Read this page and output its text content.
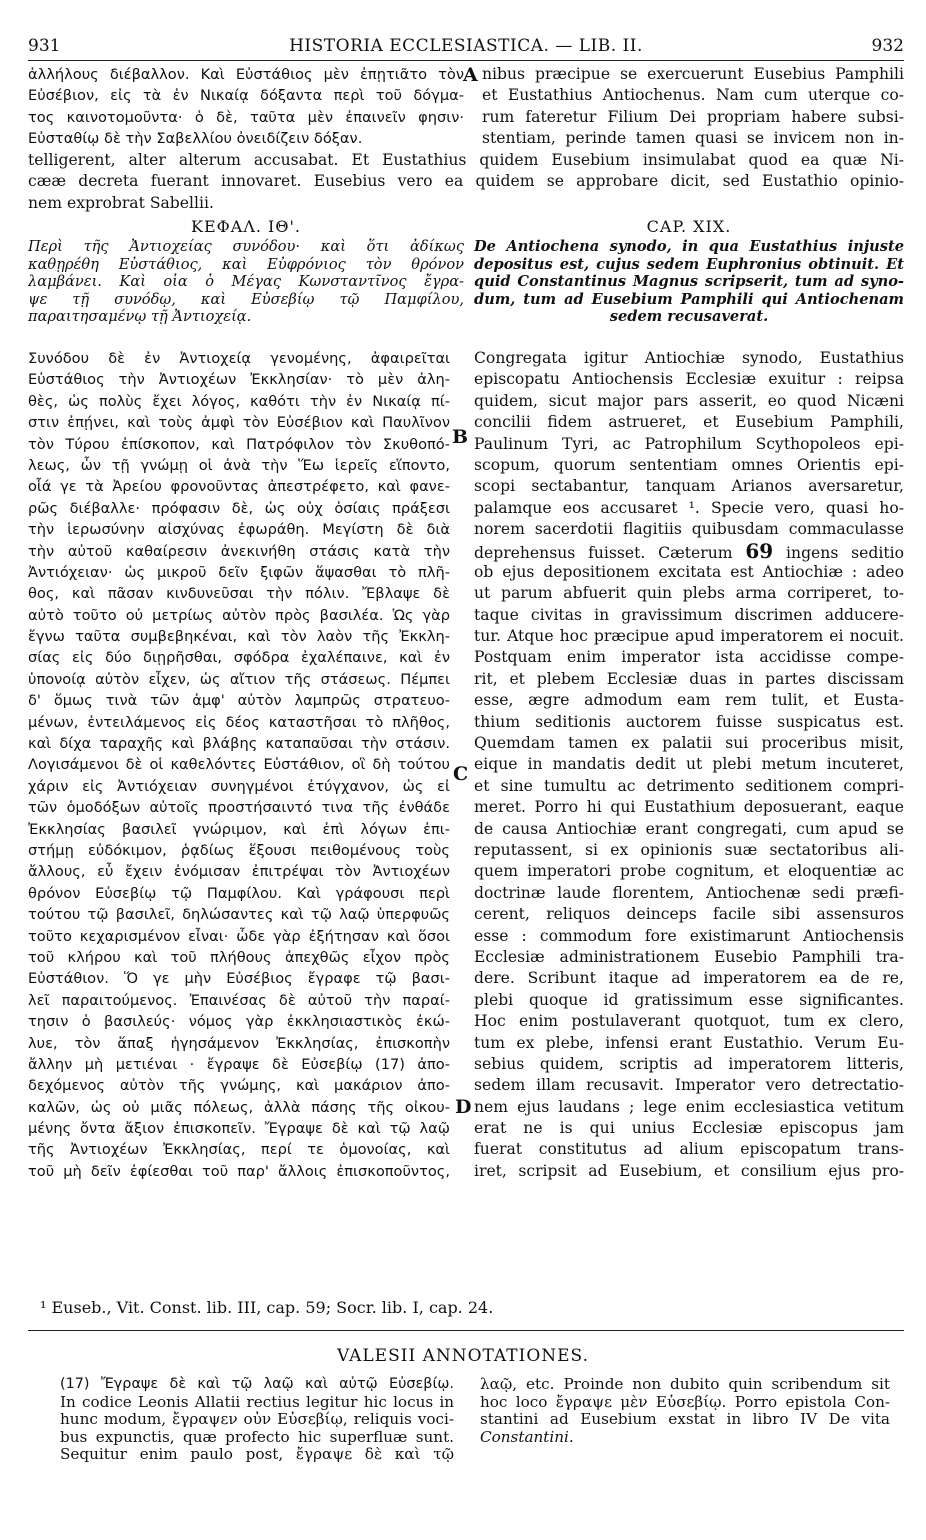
931	HISTORIA ECCLESIASTICA. — LIB. II.	932
ἀλλήλους διέβαλλον. Καὶ Εὐστάθιος μὲν ἐπῃτιᾶτο τὸν
Εὐσέβιον, εἰς τὰ ἐν Νικαίᾳ δόξαντα περὶ τοῦ δόγμα-
τος καινοτομοῦντα· ὁ δὲ, ταῦτα μὲν ἐπαινεῖν φησιν·
Εὐσταθίῳ δὲ τὴν Σαβελλίου ὀνειδίζειν δόξαν.
A nibus præcipue se exercuerunt Eusebius Pamphili
et Eustathius Antiochenus. Nam cum uterque co-
rum fateretur Filium Dei propriam habere subsi-
stentiam, perinde tamen quasi se invicem non in-
telligerent, alter alterum accusabat. Et Eustathius quidem Eusebium insimulabat quod ea quæ Ni-
cææ decreta fuerant innovaret. Eusebius vero ea quidem se approbare dicit, sed Eustathio opinio-
nem exprobrat Sabellii.
ΚΕΦΑΛ. ΙΘ'.
Περὶ τῆς Ἀντιοχείας συνόδου· καὶ ὅτι ἀδίκως
καθῃρέθη Εὐστάθιος, καὶ Εὐφρόνιος τὸν θρόνον
λαμβάνει. Καὶ οἷα ὁ Μέγας Κωνσταντῖνος ἔγρα-
ψε τῇ συνόδῳ, καὶ Εὐσεβίῳ τῷ Παμφίλου,
παραιτησαμένῳ τῇ Ἀντιοχείᾳ.
CAP. XIX.
De Antiochena synodo, in qua Eustathius injuste
depositus est, cujus sedem Euphronius obtinuit. Et
quid Constantinus Magnus scripserit, tum ad syno-
dum, tum ad Eusebium Pamphili qui Antiochenam
sedem recusaverat.
B
C
D
Συνόδου δὲ ἐν Ἀντιοχείᾳ γενομένης, ἀφαιρεῖται
Εὐστάθιος τὴν Ἀντιοχέων Ἐκκλησίαν· τὸ μὲν ἀλη-
θὲς, ὡς πολὺς ἔχει λόγος, καθότι τὴν ἐν Νικαίᾳ πί-
στιν ἐπῄνει, καὶ τοὺς ἀμφὶ τὸν Εὐσέβιον καὶ Παυλῖνον
τὸν Τύρου ἐπίσκοπον, καὶ Πατρόφιλον τὸν Σκυθοπό-
λεως, ὧν τῇ γνώμῃ οἱ ἀνὰ τὴν Ἕω ἱερεῖς εἵποντο,
οἷά γε τὰ Ἀρείου φρονοῦντας ἀπεστρέφετο, καὶ φανε-
ρῶς διέβαλλε· πρόφασιν δὲ, ὡς οὐχ ὁσίαις πράξεσι
τὴν ἱερωσύνην αἰσχύνας ἐφωράθη. Μεγίστη δὲ διὰ
τὴν αὐτοῦ καθαίρεσιν ἀνεκινήθη στάσις κατὰ τὴν
Ἀντιόχειαν· ὡς μικροῦ δεῖν ξιφῶν ἅψασθαι τὸ πλῆ-
θος, καὶ πᾶσαν κινδυνεῦσαι τὴν πόλιν. Ἔβλαψε δὲ
αὐτὸ τοῦτο οὐ μετρίως αὐτὸν πρὸς βασιλέα. Ὡς γὰρ
ἔγνω ταῦτα συμβεβηκέναι, καὶ τὸν λαὸν τῆς Ἐκκλη-
σίας εἰς δύο διῃρῆσθαι, σφόδρα ἐχαλέπαινε, καὶ ἐν
ὑπονοίᾳ αὐτὸν εἶχεν, ὡς αἴτιον τῆς στάσεως. Πέμπει
δ' ὅμως τινὰ τῶν ἀμφ' αὐτὸν λαμπρῶς στρατευο-
μένων, ἐντειλάμενος εἰς δέος καταστῆσαι τὸ πλῆθος,
καὶ δίχα ταραχῆς καὶ βλάβης καταπαῦσαι τὴν στάσιν.
Λογισάμενοι δὲ οἱ καθελόντες Εὐστάθιον, οἳ δὴ τούτου
χάριν εἰς Ἀντιόχειαν συνηγμένοι ἐτύγχανον, ὡς εἰ
τῶν ὁμοδόξων αὐτοῖς προστήσαιντό τινα τῆς ἐνθάδε
Ἐκκλησίας βασιλεῖ γνώριμον, καὶ ἐπὶ λόγων ἐπι-
στήμῃ εὐδόκιμον, ῥᾳδίως ἕξουσι πειθομένους τοὺς
ἄλλους, εὖ ἔχειν ἐνόμισαν ἐπιτρέψαι τὸν Ἀντιοχέων
θρόνον Εὐσεβίῳ τῷ Παμφίλου. Καὶ γράφουσι περὶ
τούτου τῷ βασιλεῖ, δηλώσαντες καὶ τῷ λαῷ ὑπερφυῶς
τοῦτο κεχαρισμένον εἶναι· ὧδε γὰρ ἐξήτησαν καὶ ὅσοι
τοῦ κλήρου καὶ τοῦ πλήθους ἀπεχθῶς εἶχον πρὸς
Εὐστάθιον. Ὅ γε μὴν Εὐσέβιος ἔγραφε τῷ βασι-
λεῖ παραιτούμενος. Ἐπαινέσας δὲ αὐτοῦ τὴν παραί-
τησιν ὁ βασιλεύς· νόμος γὰρ ἐκκλησιαστικὸς ἐκώ-
λυε, τὸν ἅπαξ ἡγησάμενον Ἐκκλησίας, ἐπισκοπὴν
ἄλλην μὴ μετιέναι · ἔγραψε δὲ Εὐσεβίῳ (17) ἀπο-
δεχόμενος αὐτὸν τῆς γνώμης, καὶ μακάριον ἀπο-
καλῶν, ὡς οὐ μιᾶς πόλεως, ἀλλὰ πάσης τῆς οἰκου-
μένης ὄντα ἄξιον ἐπισκοπεῖν. Ἔγραψε δὲ καὶ τῷ λαῷ
τῆς Ἀντιοχέων Ἐκκλησίας, περί τε ὁμονοίας, καὶ
τοῦ μὴ δεῖν ἐφίεσθαι τοῦ παρ' ἄλλοις ἐπισκοποῦντος,
Congregata igitur Antiochiæ synodo, Eustathius
episcopatu Antiochensis Ecclesiæ exuitur : reipsa
quidem, sicut major pars asserit, eo quod Nicæni
concilii fidem astrueret, et Eusebium Pamphili,
Paulinum Tyri, ac Patrophilum Scythopoleos epi-
scopum, quorum sententiam omnes Orientis epi-
scopi sectabantur, tanquam Arianos aversaretur,
palamque eos accusaret ¹. Specie vero, quasi ho-
norem sacerdotii flagitiis quibusdam commaculasse
deprehensus fuisset. Cæterum 69 ingens seditio
ob ejus depositionem excitata est Antiochiæ : adeo
ut parum abfuerit quin plebs arma corriperet, to-
taque civitas in gravissimum discrimen adducere-
tur. Atque hoc præcipue apud imperatorem ei nocuit.
Postquam enim imperator ista accidisse compe-
rit, et plebem Ecclesiæ duas in partes discissam
esse, ægre admodum eam rem tulit, et Eusta-
thium seditionis auctorem fuisse suspicatus est.
Quemdam tamen ex palatii sui proceribus misit,
eique in mandatis dedit ut plebi metum incuteret,
et sine tumultu ac detrimento seditionem compri-
meret. Porro hi qui Eustathium deposuerant, eaque
de causa Antiochiæ erant congregati, cum apud se
reputassent, si ex opinionis suæ sectatoribus ali-
quem imperatori probe cognitum, et eloquentiæ ac
doctrinæ laude florentem, Antiochenæ sedi præfi-
cerent, reliquos deinceps facile sibi assensuros
esse : commodum fore existimarunt Antiochensis
Ecclesiæ administrationem Eusebio Pamphili tra-
dere. Scribunt itaque ad imperatorem ea de re,
plebi quoque id gratissimum esse significantes.
Hoc enim postulaverant quotquot, tum ex clero,
tum ex plebe, infensi erant Eustathio. Verum Eu-
sebius quidem, scriptis ad imperatorem litteris,
sedem illam recusavit. Imperator vero detrectatio-
nem ejus laudans ; lege enim ecclesiastica vetitum
erat ne is qui unius Ecclesiæ episcopus jam
fuerat constitutus ad alium episcopatum trans-
iret, scripsit ad Eusebium, et consilium ejus pro-
¹ Euseb., Vit. Const. lib. III, cap. 59; Socr. lib. I, cap. 24.
VALESII ANNOTATIONES.
(17) Ἔγραψε δὲ καὶ τῷ λαῷ καὶ αὐτῷ Εὐσεβίῳ.
In codice Leonis Allatii rectius legitur hic locus in
hunc modum, ἔγραψεν οὖν Εὐσεβίῳ, reliquis voci-
bus expunctis, quæ profecto hic superfluæ sunt.
Sequitur enim paulo post, ἔγραψε δὲ καὶ τῷ
λαῷ, etc. Proinde non dubito quin scribendum sit
hoc loco ἔγραψε μὲν Εὐσεβίῳ. Porro epistola Con-
stantini ad Eusebium exstat in libro IV De vita
Constantini.
